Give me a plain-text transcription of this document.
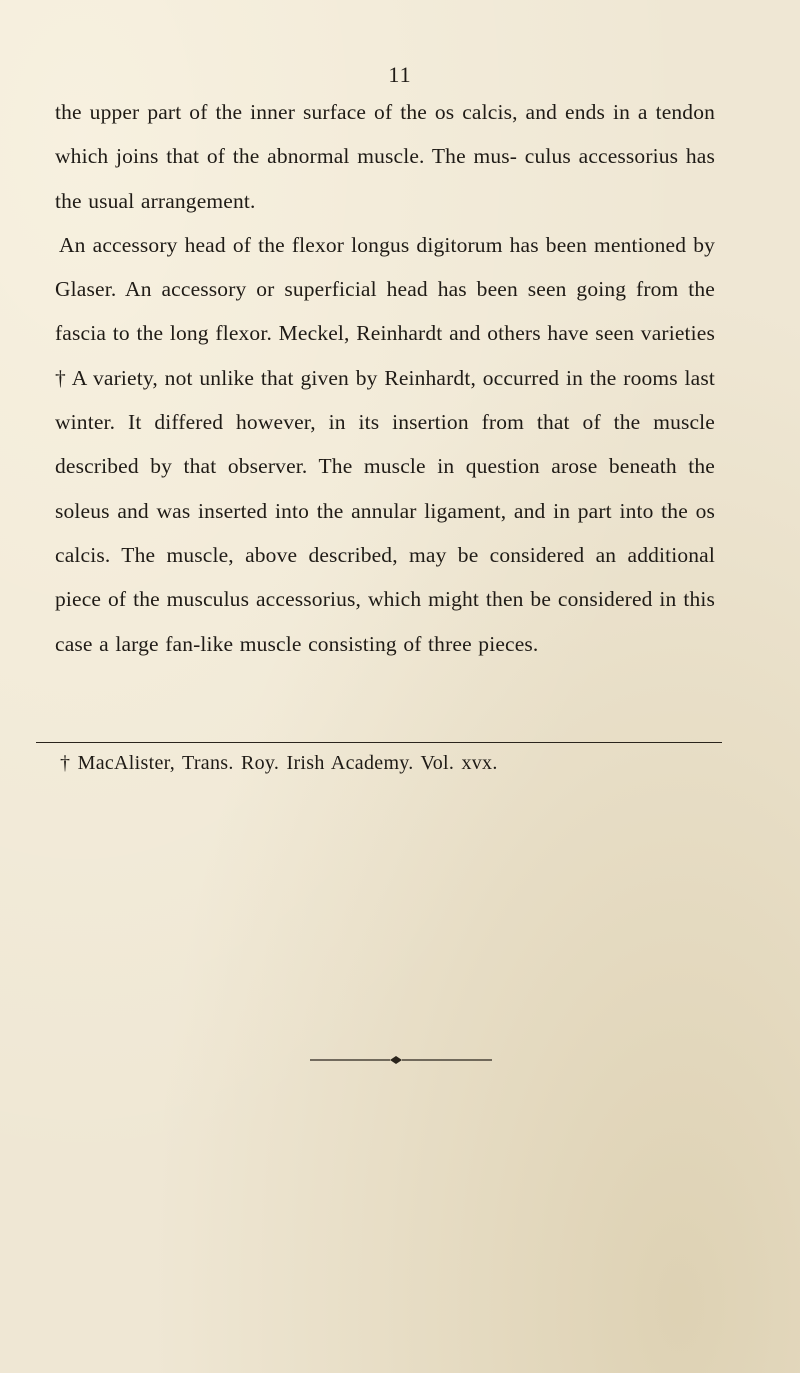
11

the upper part of the inner surface of the os calcis, and ends in a tendon which joins that of the abnormal muscle. The mus- culus accessorius has the usual arrangement.

An accessory head of the flexor longus digitorum has been mentioned by Glaser. An accessory or superficial head has been seen going from the fascia to the long flexor. Meckel, Reinhardt and others have seen varieties † A variety, not unlike that given by Reinhardt, occurred in the rooms last winter. It differed however, in its insertion from that of the muscle described by that observer. The muscle in question arose beneath the soleus and was inserted into the annular ligament, and in part into the os calcis. The muscle, above described, may be considered an additional piece of the musculus accessorius, which might then be considered in this case a large fan-like muscle consisting of three pieces.

† MacAlister, Trans. Roy. Irish Academy. Vol. xvx.
